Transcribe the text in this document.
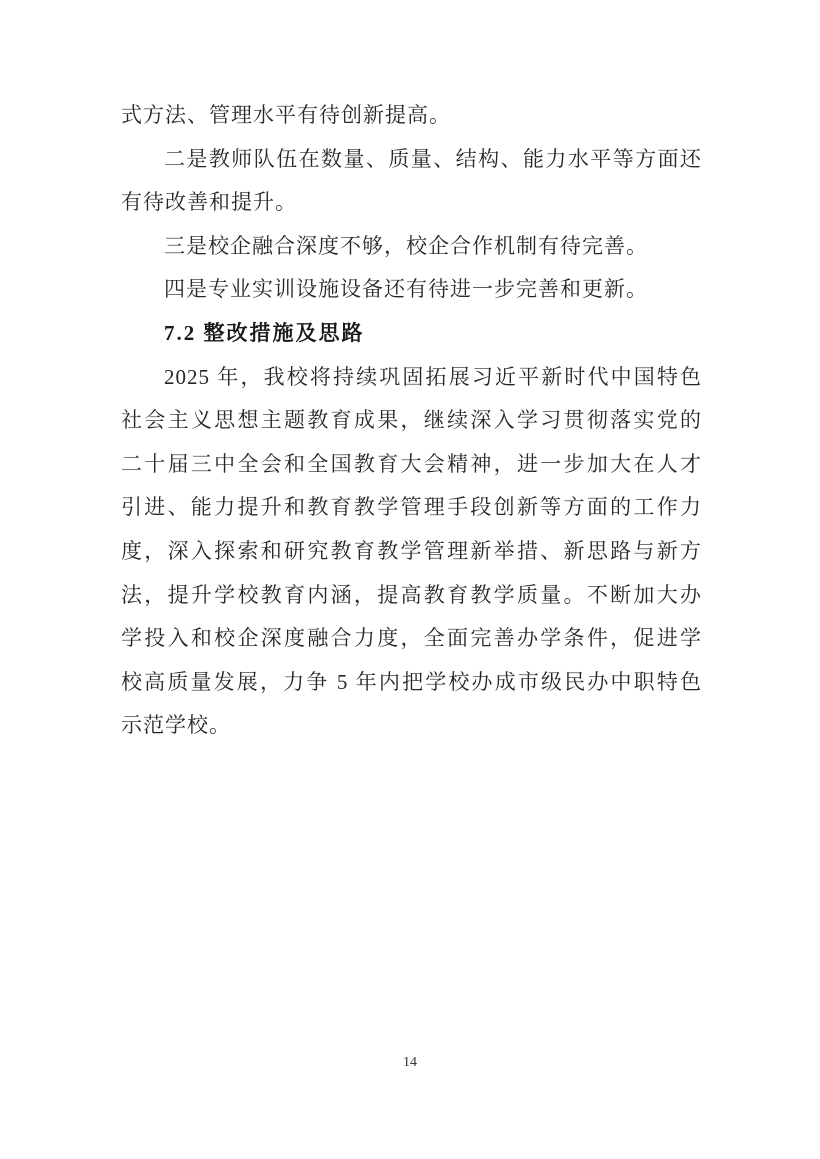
式方法、管理水平有待创新提高。
二是教师队伍在数量、质量、结构、能力水平等方面还
有待改善和提升。
三是校企融合深度不够，校企合作机制有待完善。
四是专业实训设施设备还有待进一步完善和更新。
7.2 整改措施及思路
2025 年，我校将持续巩固拓展习近平新时代中国特色
社会主义思想主题教育成果，继续深入学习贯彻落实党的
二十届三中全会和全国教育大会精神，进一步加大在人才
引进、能力提升和教育教学管理手段创新等方面的工作力
度，深入探索和研究教育教学管理新举措、新思路与新方
法，提升学校教育内涵，提高教育教学质量。不断加大办
学投入和校企深度融合力度，全面完善办学条件，促进学
校高质量发展，力争 5 年内把学校办成市级民办中职特色
示范学校。
14
